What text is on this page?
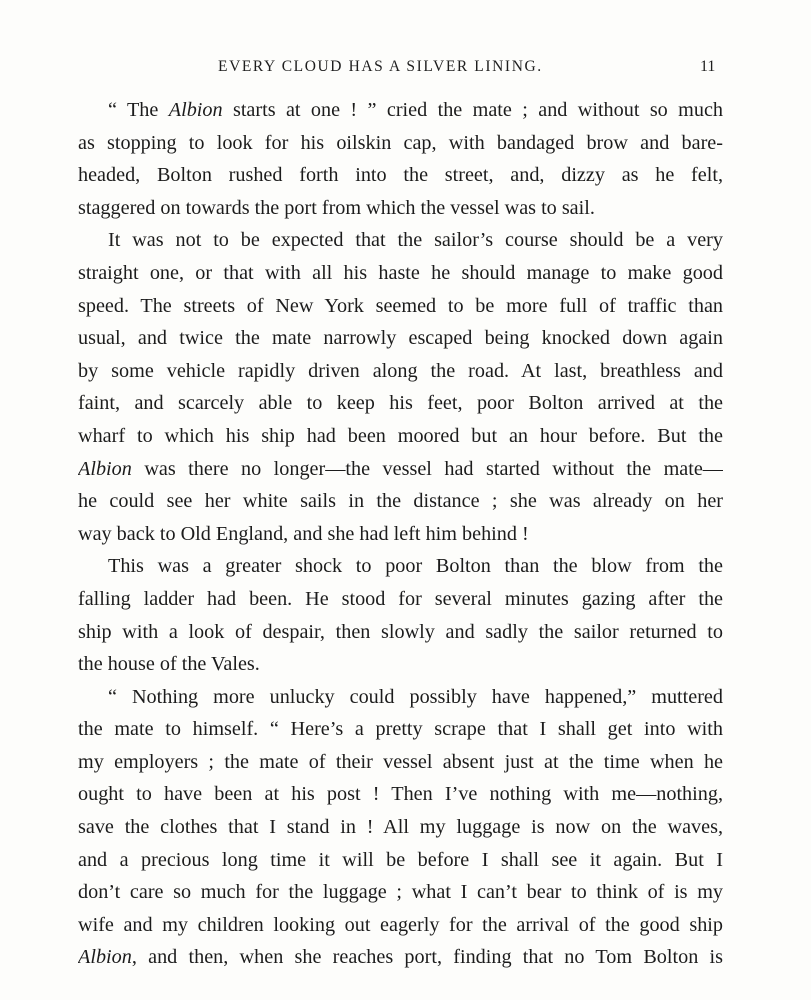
EVERY CLOUD HAS A SILVER LINING.	11
“ The Albion starts at one ! ” cried the mate ; and without so much
as stopping to look for his oilskin cap, with bandaged brow and bare-
headed, Bolton rushed forth into the street, and, dizzy as he felt,
staggered on towards the port from which the vessel was to sail.
It was not to be expected that the sailor’s course should be a very
straight one, or that with all his haste he should manage to make good
speed. The streets of New York seemed to be more full of traffic than
usual, and twice the mate narrowly escaped being knocked down again
by some vehicle rapidly driven along the road. At last, breathless and
faint, and scarcely able to keep his feet, poor Bolton arrived at the
wharf to which his ship had been moored but an hour before. But the
Albion was there no longer—the vessel had started without the mate—
he could see her white sails in the distance ; she was already on her
way back to Old England, and she had left him behind !
This was a greater shock to poor Bolton than the blow from the
falling ladder had been. He stood for several minutes gazing after the
ship with a look of despair, then slowly and sadly the sailor returned to
the house of the Vales.
“ Nothing more unlucky could possibly have happened,” muttered
the mate to himself. “ Here’s a pretty scrape that I shall get into with
my employers ; the mate of their vessel absent just at the time when he
ought to have been at his post ! Then I’ve nothing with me—nothing,
save the clothes that I stand in ! All my luggage is now on the waves,
and a precious long time it will be before I shall see it again. But I
don’t care so much for the luggage ; what I can’t bear to think of is my
wife and my children looking out eagerly for the arrival of the good ship
Albion, and then, when she reaches port, finding that no Tom Bolton is
